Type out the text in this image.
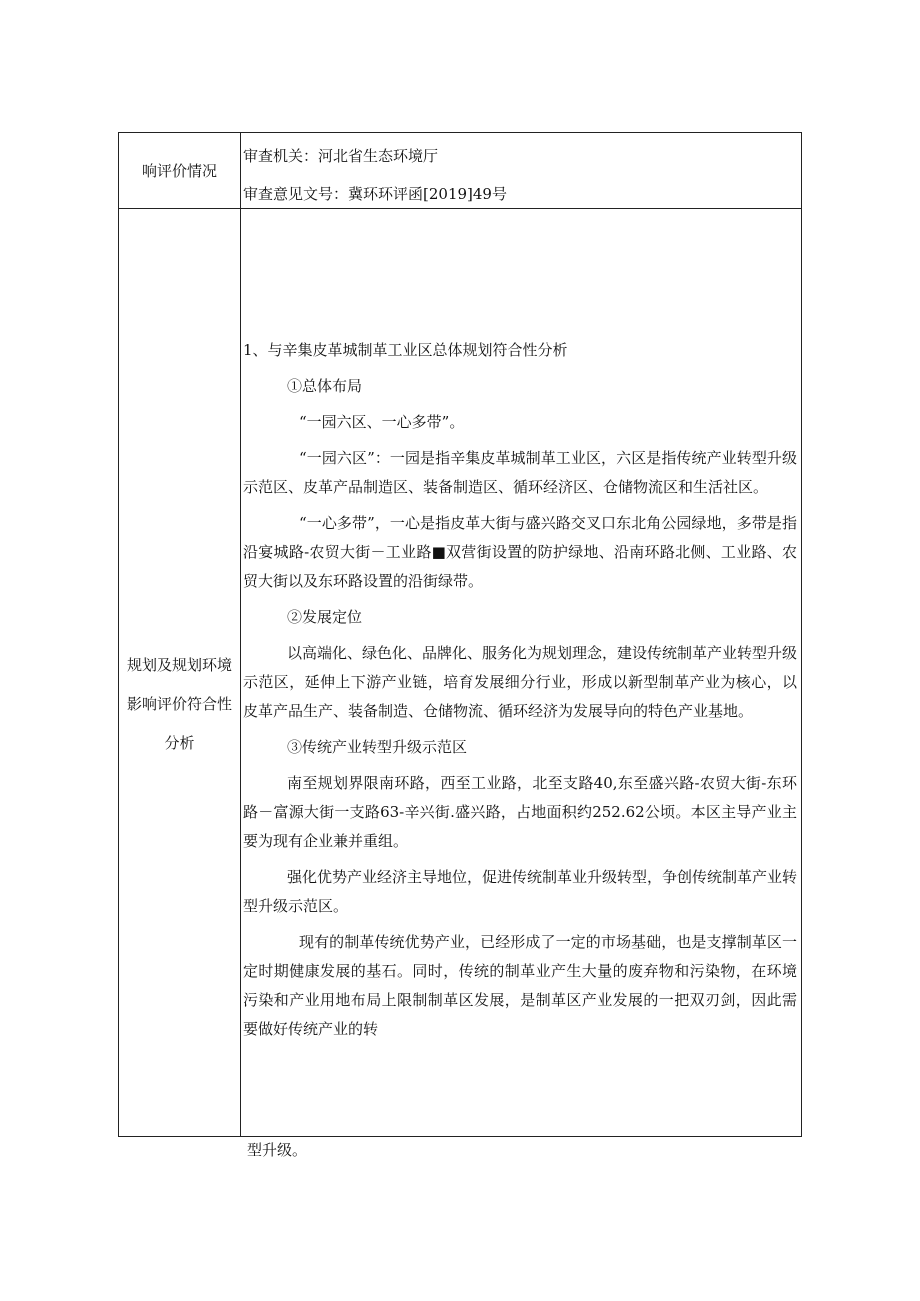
响评价情况
审查机关：河北省生态环境厅
审查意见文号：冀环环评函[2019]49号
规划及规划环境
影响评价符合性
分析

1、与辛集皮革城制革工业区总体规划符合性分析

①总体布局

“一园六区、一心多带”。

“一园六区”：一园是指辛集皮革城制革工业区，六区是指传统产业转型升级示范区、皮革产品制造区、装备制造区、循环经济区、仓储物流区和生活社区。

“一心多带”，一心是指皮革大街与盛兴路交叉口东北角公园绿地，多带是指沿宴城路-农贸大街－工业路■双营街设置的防护绿地、沿南环路北侧、工业路、农贸大街以及东环路设置的沿街绿带。

②发展定位

以高端化、绿色化、品牌化、服务化为规划理念，建设传统制革产业转型升级示范区，延伸上下游产业链，培育发展细分行业，形成以新型制革产业为核心，以皮革产品生产、装备制造、仓储物流、循环经济为发展导向的特色产业基地。

③传统产业转型升级示范区

南至规划界限南环路，西至工业路，北至支路40,东至盛兴路-农贸大街-东环路－富源大街一支路63-辛兴街.盛兴路，占地面积约252.62公顷。本区主导产业主要为现有企业兼并重组。

强化优势产业经济主导地位，促进传统制革业升级转型，争创传统制革产业转型升级示范区。

现有的制革传统优势产业，已经形成了一定的市场基础，也是支撑制革区一定时期健康发展的基石。同时，传统的制革业产生大量的废弃物和污染物，在环境污染和产业用地布局上限制制革区发展，是制革区产业发展的一把双刃剑，因此需要做好传统产业的转

型升级。
